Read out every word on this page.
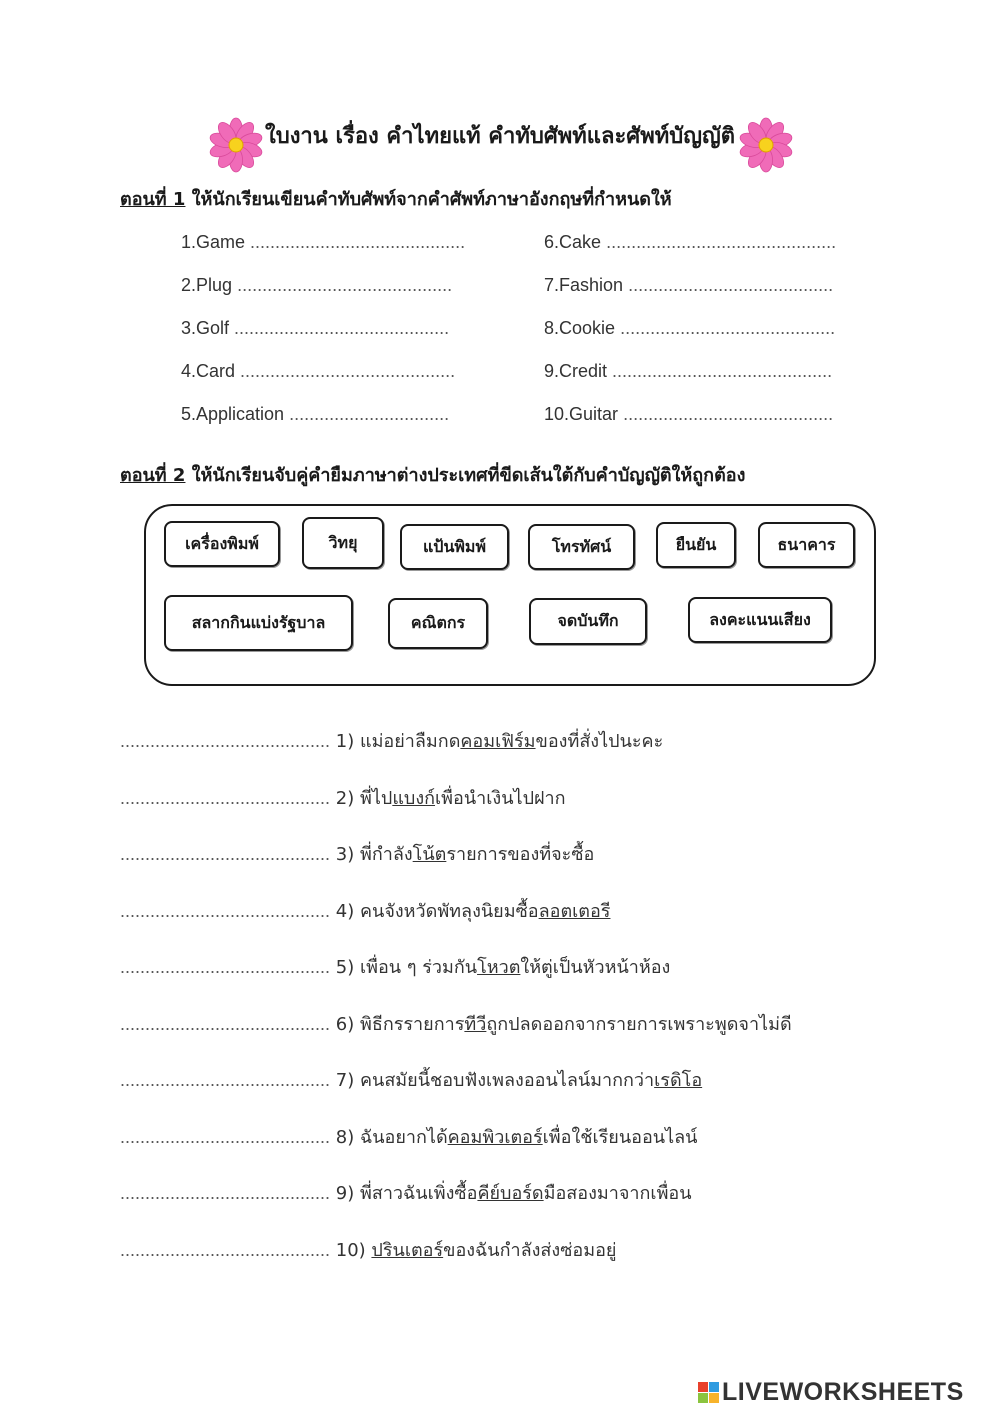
ใบงาน เรื่อง คำไทยแท้ คำทับศัพท์และศัพท์บัญญัติ
ตอนที่ 1 ให้นักเรียนเขียนคำทับศัพท์จากคำศัพท์ภาษาอังกฤษที่กำหนดให้
1.Game ...........................................
2.Plug ...........................................
3.Golf ...........................................
4.Card ...........................................
5.Application ................................
6.Cake ..............................................
7.Fashion .........................................
8.Cookie ...........................................
9.Credit ............................................
10.Guitar ..........................................
ตอนที่ 2 ให้นักเรียนจับคู่คำยืมภาษาต่างประเทศที่ขีดเส้นใต้กับคำบัญญัติให้ถูกต้อง
เครื่องพิมพ์	วิทยุ	แป้นพิมพ์	โทรทัศน์	ยืนยัน	ธนาคาร
สลากกินแบ่งรัฐบาล	คณิตกร	จดบันทึก	ลงคะแนนเสียง
.......................................... 1) แม่อย่าลืมกดคอมเฟิร์มของที่สั่งไปนะคะ
.......................................... 2) พี่ไปแบงก์เพื่อนำเงินไปฝาก
.......................................... 3) พี่กำลังโน้ตรายการของที่จะซื้อ
.......................................... 4) คนจังหวัดพัทลุงนิยมซื้อลอตเตอรี
.......................................... 5) เพื่อน ๆ ร่วมกันโหวตให้ตู่เป็นหัวหน้าห้อง
.......................................... 6) พิธีกรรายการทีวีถูกปลดออกจากรายการเพราะพูดจาไม่ดี
.......................................... 7) คนสมัยนี้ชอบฟังเพลงออนไลน์มากกว่าเรดิโอ
.......................................... 8) ฉันอยากได้คอมพิวเตอร์เพื่อใช้เรียนออนไลน์
.......................................... 9) พี่สาวฉันเพิ่งซื้อคีย์บอร์ดมือสองมาจากเพื่อน
.......................................... 10) ปรินเตอร์ของฉันกำลังส่งซ่อมอยู่
LIVEWORKSHEETS
